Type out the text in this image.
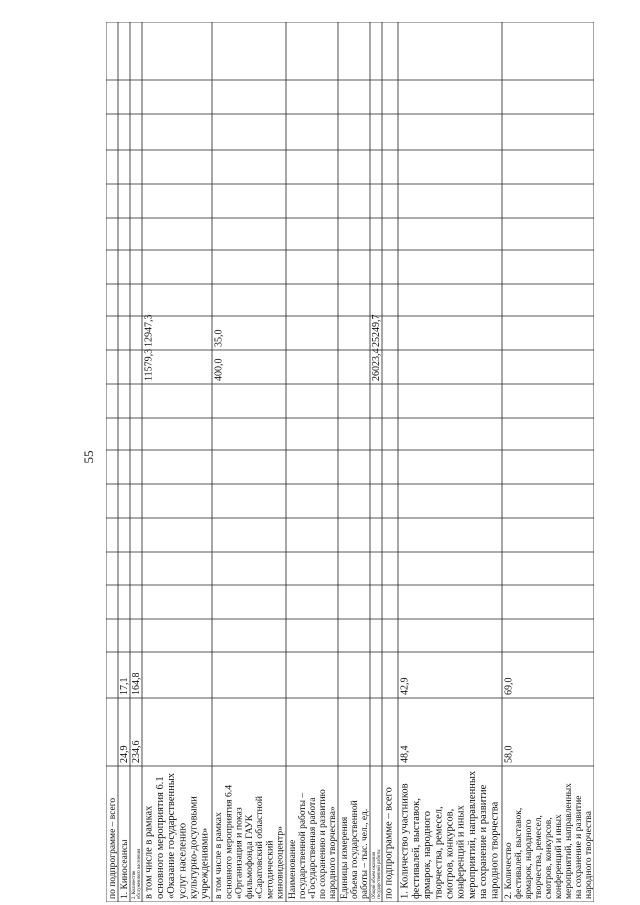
55
по подпрограмме – всего 1. Киносеансы
24,9
17,1
2. Количество обслуженного населения
234,6
164,8
в том числе в рамках основного мероприятия 6.1 «Оказание государственных услуг населению культурно-досуговыми учреждениями»
11579,3
12947,3
в том числе в рамках основного мероприятия 6.4 «Организация и показ фильмофонда ГАУК «Саратовский областной методический киновидеоцентр»
400,0
35,0
Наименование государственной работы – «Государственная работа по сохранению и развитию народного творчества» Единицы измерения объема государственной работы – тыс. чел., ед. Общий объем оказания государственной работы
26023,4
25249,7
по подпрограмме – всего 1. Количество участников фестивалей, выставок, ярмарок, народного творчества, ремесел, смотров, конкурсов, конференций и иных мероприятий, направленных на сохранение и развитие народного творчества
48,4
42,9
2. Количество фестивалей, выставок, ярмарок, народного творчества, ремесел, смотров, конкурсов, конференций и иных мероприятий, направленных на сохранение и развитие народного творчества
58,0
69,0
